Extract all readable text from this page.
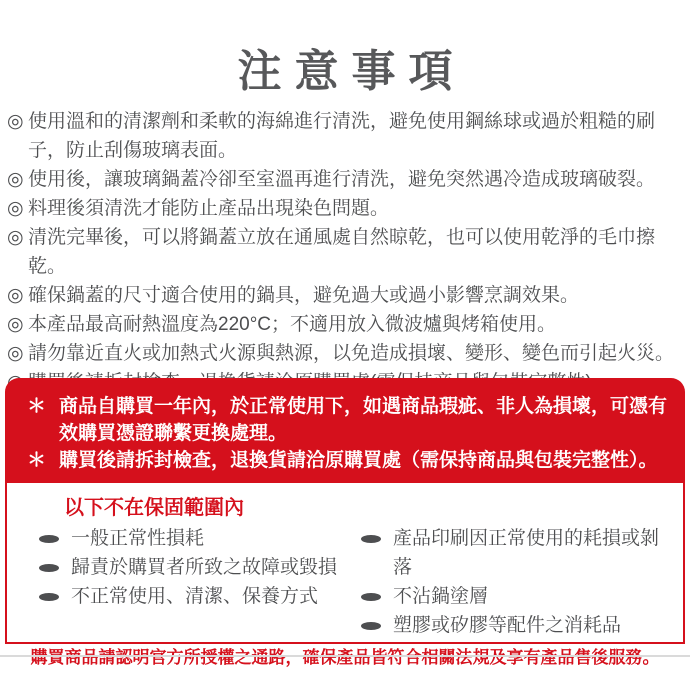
注意事項
◎ 使用溫和的清潔劑和柔軟的海綿進行清洗，避免使用鋼絲球或過於粗糙的刷子，防止刮傷玻璃表面。
◎ 使用後，讓玻璃鍋蓋冷卻至室溫再進行清洗，避免突然遇冷造成玻璃破裂。
◎ 料理後須清洗才能防止產品出現染色問題。
◎ 清洗完畢後，可以將鍋蓋立放在通風處自然晾乾，也可以使用乾淨的毛巾擦乾。
◎ 確保鍋蓋的尺寸適合使用的鍋具，避免過大或過小影響烹調效果。
◎ 本產品最高耐熱溫度為220°C；不適用放入微波爐與烤箱使用。
◎ 請勿靠近直火或加熱式火源與熱源，以免造成損壞、變形、變色而引起火災。
＊ 商品自購買一年內，於正常使用下，如遇商品瑕疵、非人為損壞，可憑有效購買憑證聯繫更換處理。
＊ 購買後請拆封檢查，退換貨請洽原購買處（需保持商品與包裝完整性）。
以下不在保固範圍內
一般正常性損耗
歸責於購買者所致之故障或毀損
不正常使用、清潔、保養方式
產品印刷因正常使用的耗損或剝落
不沾鍋塗層
塑膠或矽膠等配件之消耗品
購買商品請認明官方所授權之通路，確保產品皆符合相關法規及享有產品售後服務。
